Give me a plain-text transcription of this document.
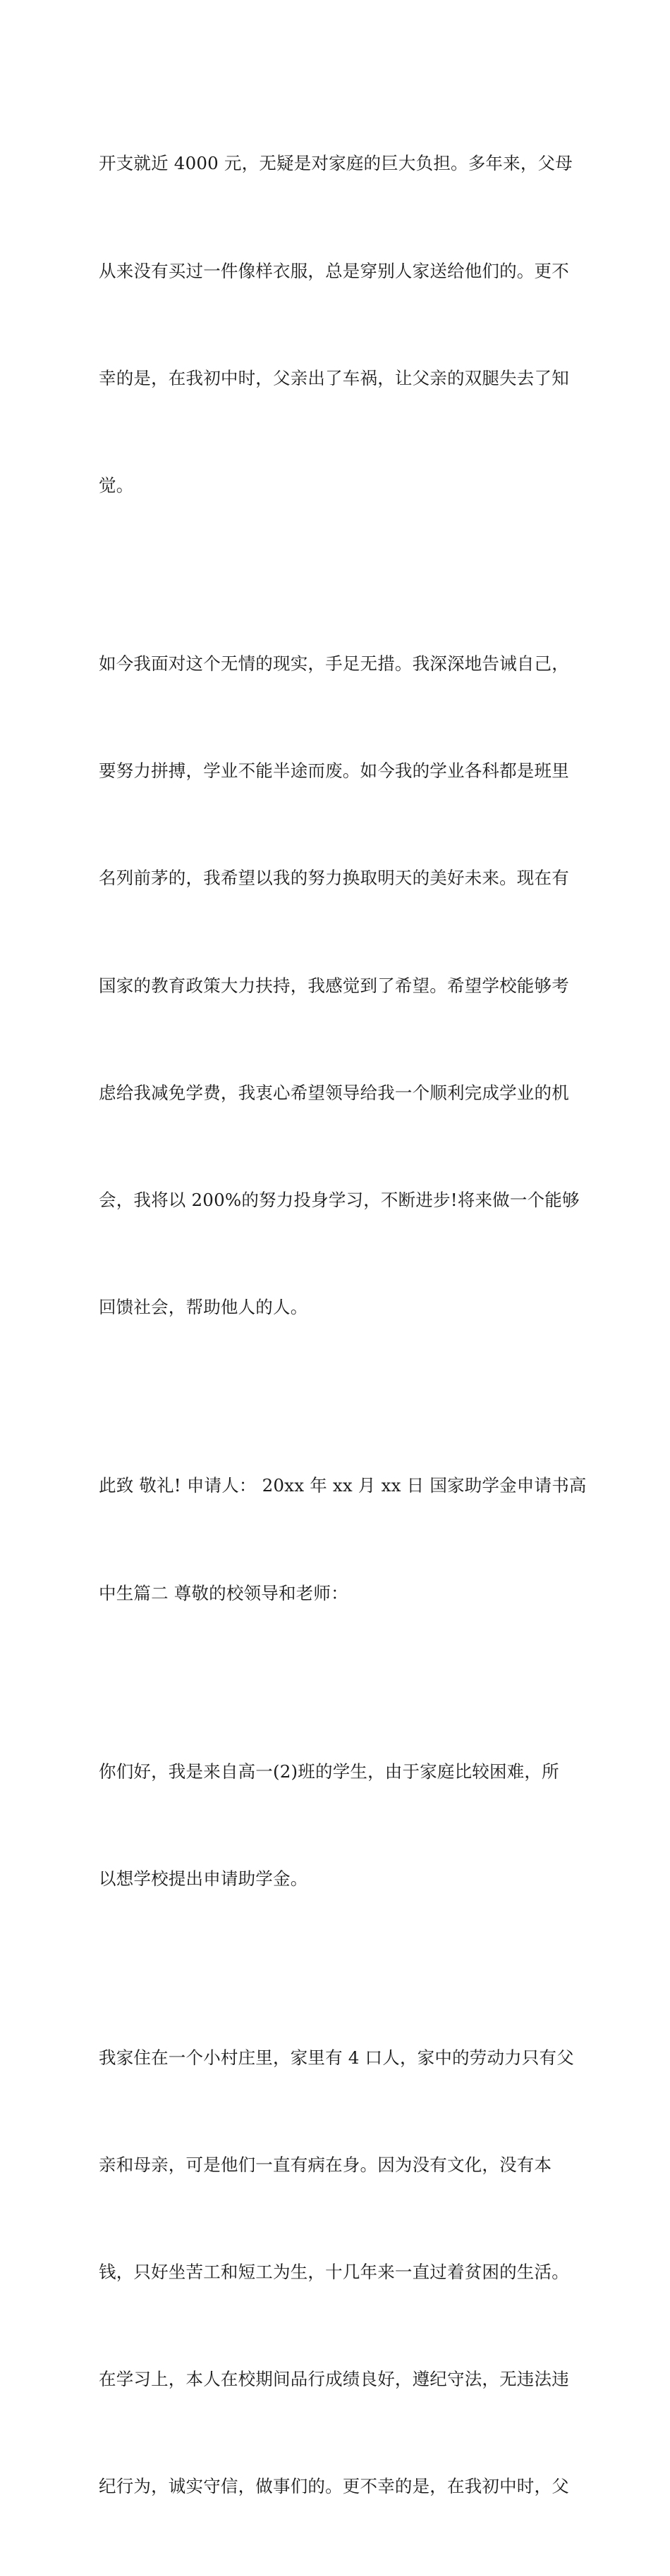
开支就近 4000 元，无疑是对家庭的巨大负担。多年来，父母

从来没有买过一件像样衣服，总是穿别人家送给他们的。更不

幸的是，在我初中时，父亲出了车祸，让父亲的双腿失去了知

觉。

如今我面对这个无情的现实，手足无措。我深深地告诫自己，

要努力拼搏，学业不能半途而废。如今我的学业各科都是班里

名列前茅的，我希望以我的努力换取明天的美好未来。现在有

国家的教育政策大力扶持，我感觉到了希望。希望学校能够考

虑给我减免学费，我衷心希望领导给我一个顺利完成学业的机

会，我将以 200%的努力投身学习，不断进步!将来做一个能够

回馈社会，帮助他人的人。

此致 敬礼! 申请人： 20xx 年 xx 月 xx 日 国家助学金申请书高

中生篇二 尊敬的校领导和老师：

你们好，我是来自高一(2)班的学生，由于家庭比较困难，所

以想学校提出申请助学金。

我家住在一个小村庄里，家里有 4 口人，家中的劳动力只有父

亲和母亲，可是他们一直有病在身。因为没有文化，没有本

钱，只好坐苦工和短工为生，十几年来一直过着贫困的生活。

在学习上，本人在校期间品行成绩良好，遵纪守法，无违法违

纪行为，诚实守信，做事们的。更不幸的是，在我初中时，父
